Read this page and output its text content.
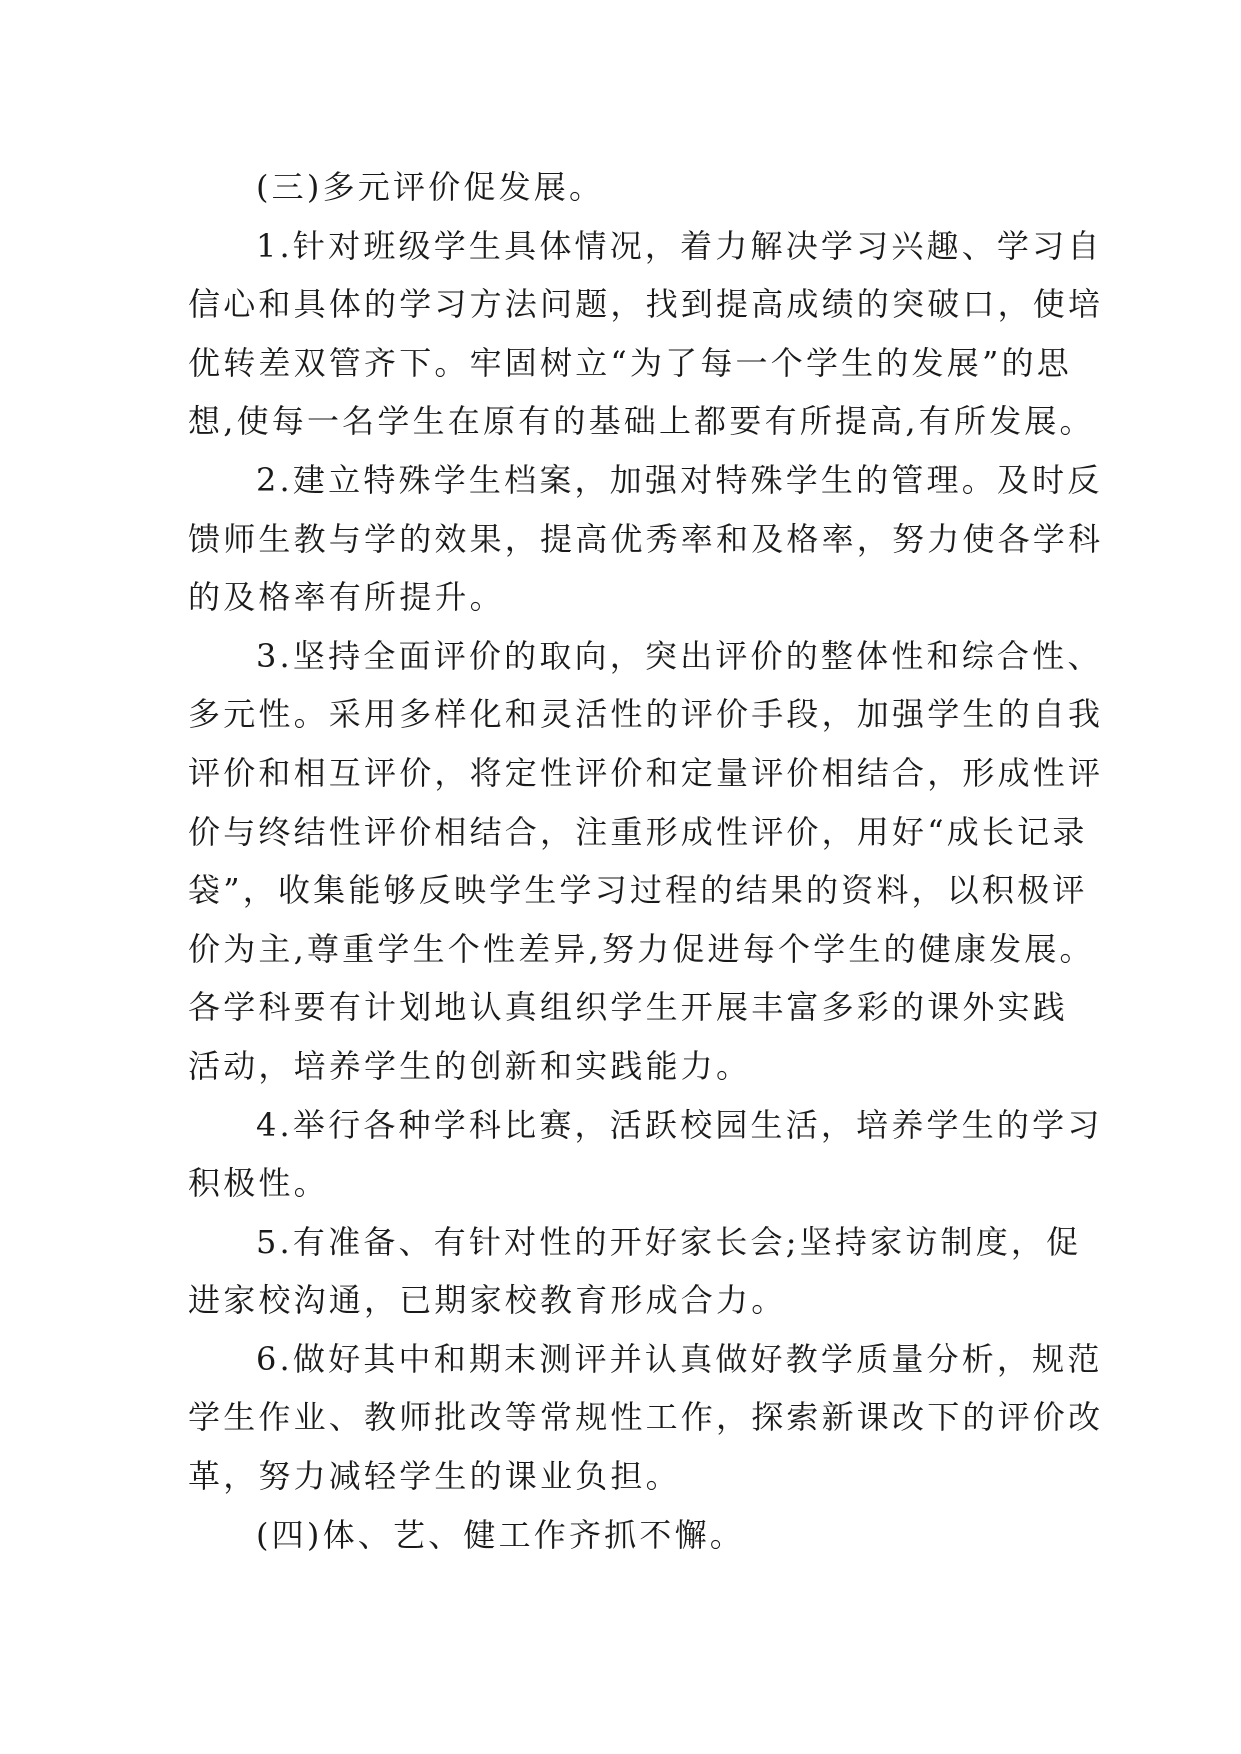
(三)多元评价促发展。
1.针对班级学生具体情况，着力解决学习兴趣、学习自
信心和具体的学习方法问题，找到提高成绩的突破口，使培
优转差双管齐下。牢固树立“为了每一个学生的发展”的思
想,使每一名学生在原有的基础上都要有所提高,有所发展。
2.建立特殊学生档案，加强对特殊学生的管理。及时反
馈师生教与学的效果，提高优秀率和及格率，努力使各学科
的及格率有所提升。
3.坚持全面评价的取向，突出评价的整体性和综合性、
多元性。采用多样化和灵活性的评价手段，加强学生的自我
评价和相互评价，将定性评价和定量评价相结合，形成性评
价与终结性评价相结合，注重形成性评价，用好“成长记录
袋”，收集能够反映学生学习过程的结果的资料，以积极评
价为主,尊重学生个性差异,努力促进每个学生的健康发展。
各学科要有计划地认真组织学生开展丰富多彩的课外实践
活动，培养学生的创新和实践能力。
4.举行各种学科比赛，活跃校园生活，培养学生的学习
积极性。
5.有准备、有针对性的开好家长会;坚持家访制度，促
进家校沟通，已期家校教育形成合力。
6.做好其中和期末测评并认真做好教学质量分析，规范
学生作业、教师批改等常规性工作，探索新课改下的评价改
革，努力减轻学生的课业负担。
(四)体、艺、健工作齐抓不懈。
